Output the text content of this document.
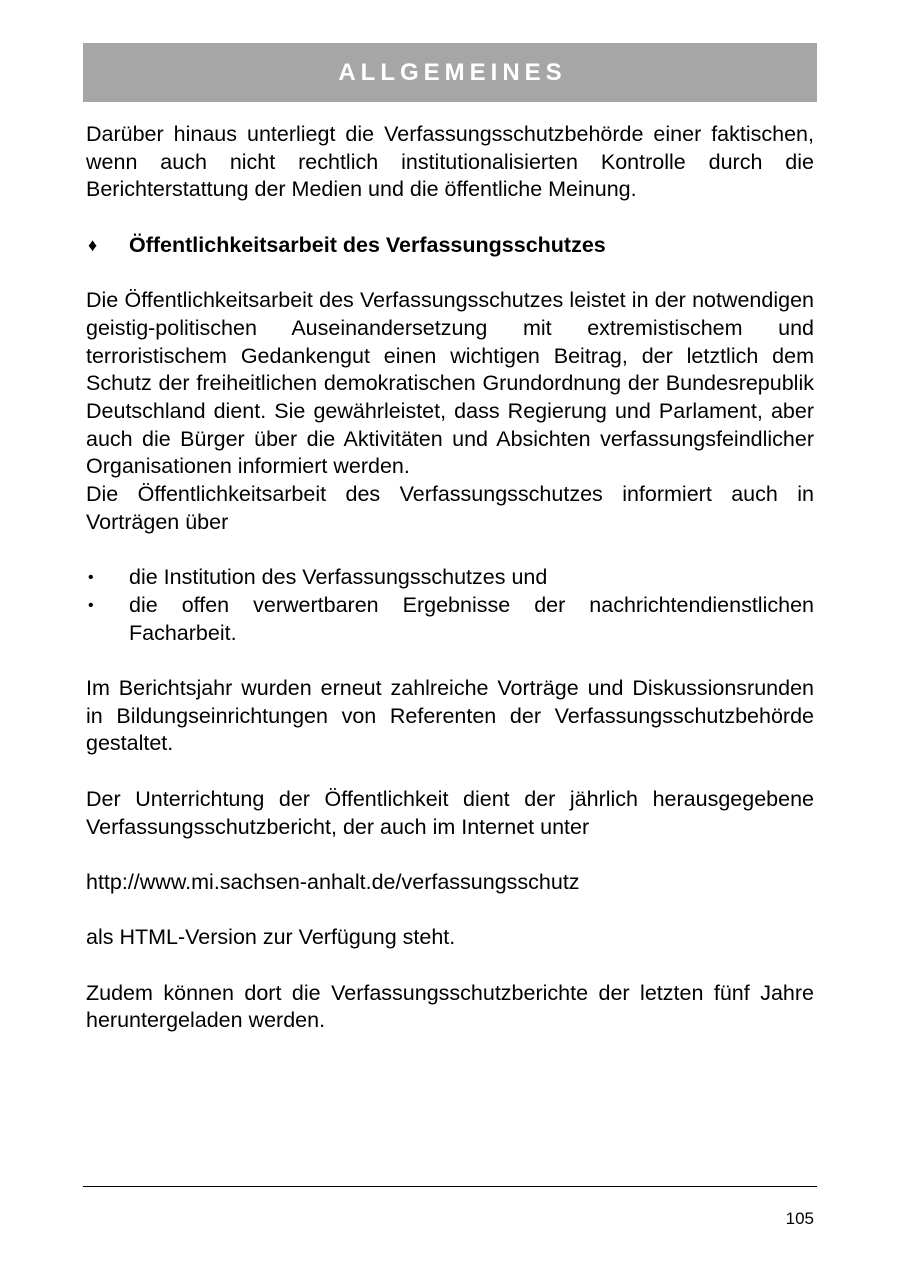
ALLGEMEINES

Darüber hinaus unterliegt die Verfassungsschutzbehörde einer faktischen, wenn auch nicht rechtlich institutionalisierten Kontrolle durch die Berichterstattung der Medien und die öffentliche Meinung.

♦	Öffentlichkeitsarbeit des Verfassungsschutzes

Die Öffentlichkeitsarbeit des Verfassungsschutzes leistet in der notwendigen geistig-politischen Auseinandersetzung mit extremistischem und terroristischem Gedankengut einen wichtigen Beitrag, der letztlich dem Schutz der freiheitlichen demokratischen Grundordnung der Bundesrepublik Deutschland dient. Sie gewährleistet, dass Regierung und Parlament, aber auch die Bürger über die Aktivitäten und Absichten verfassungsfeindlicher Organisationen informiert werden.

Die Öffentlichkeitsarbeit des Verfassungsschutzes informiert auch in Vorträgen über

•	die Institution des Verfassungsschutzes und
•	die offen verwertbaren Ergebnisse der nachrichtendienstlichen Facharbeit.

Im Berichtsjahr wurden erneut zahlreiche Vorträge und Diskussionsrunden in Bildungseinrichtungen von Referenten der Verfassungsschutzbehörde gestaltet.

Der Unterrichtung der Öffentlichkeit dient der jährlich herausgegebene Verfassungsschutzbericht, der auch im Internet unter

http://www.mi.sachsen-anhalt.de/verfassungsschutz

als HTML-Version zur Verfügung steht.

Zudem können dort die Verfassungsschutzberichte der letzten fünf Jahre heruntergeladen werden.

105
